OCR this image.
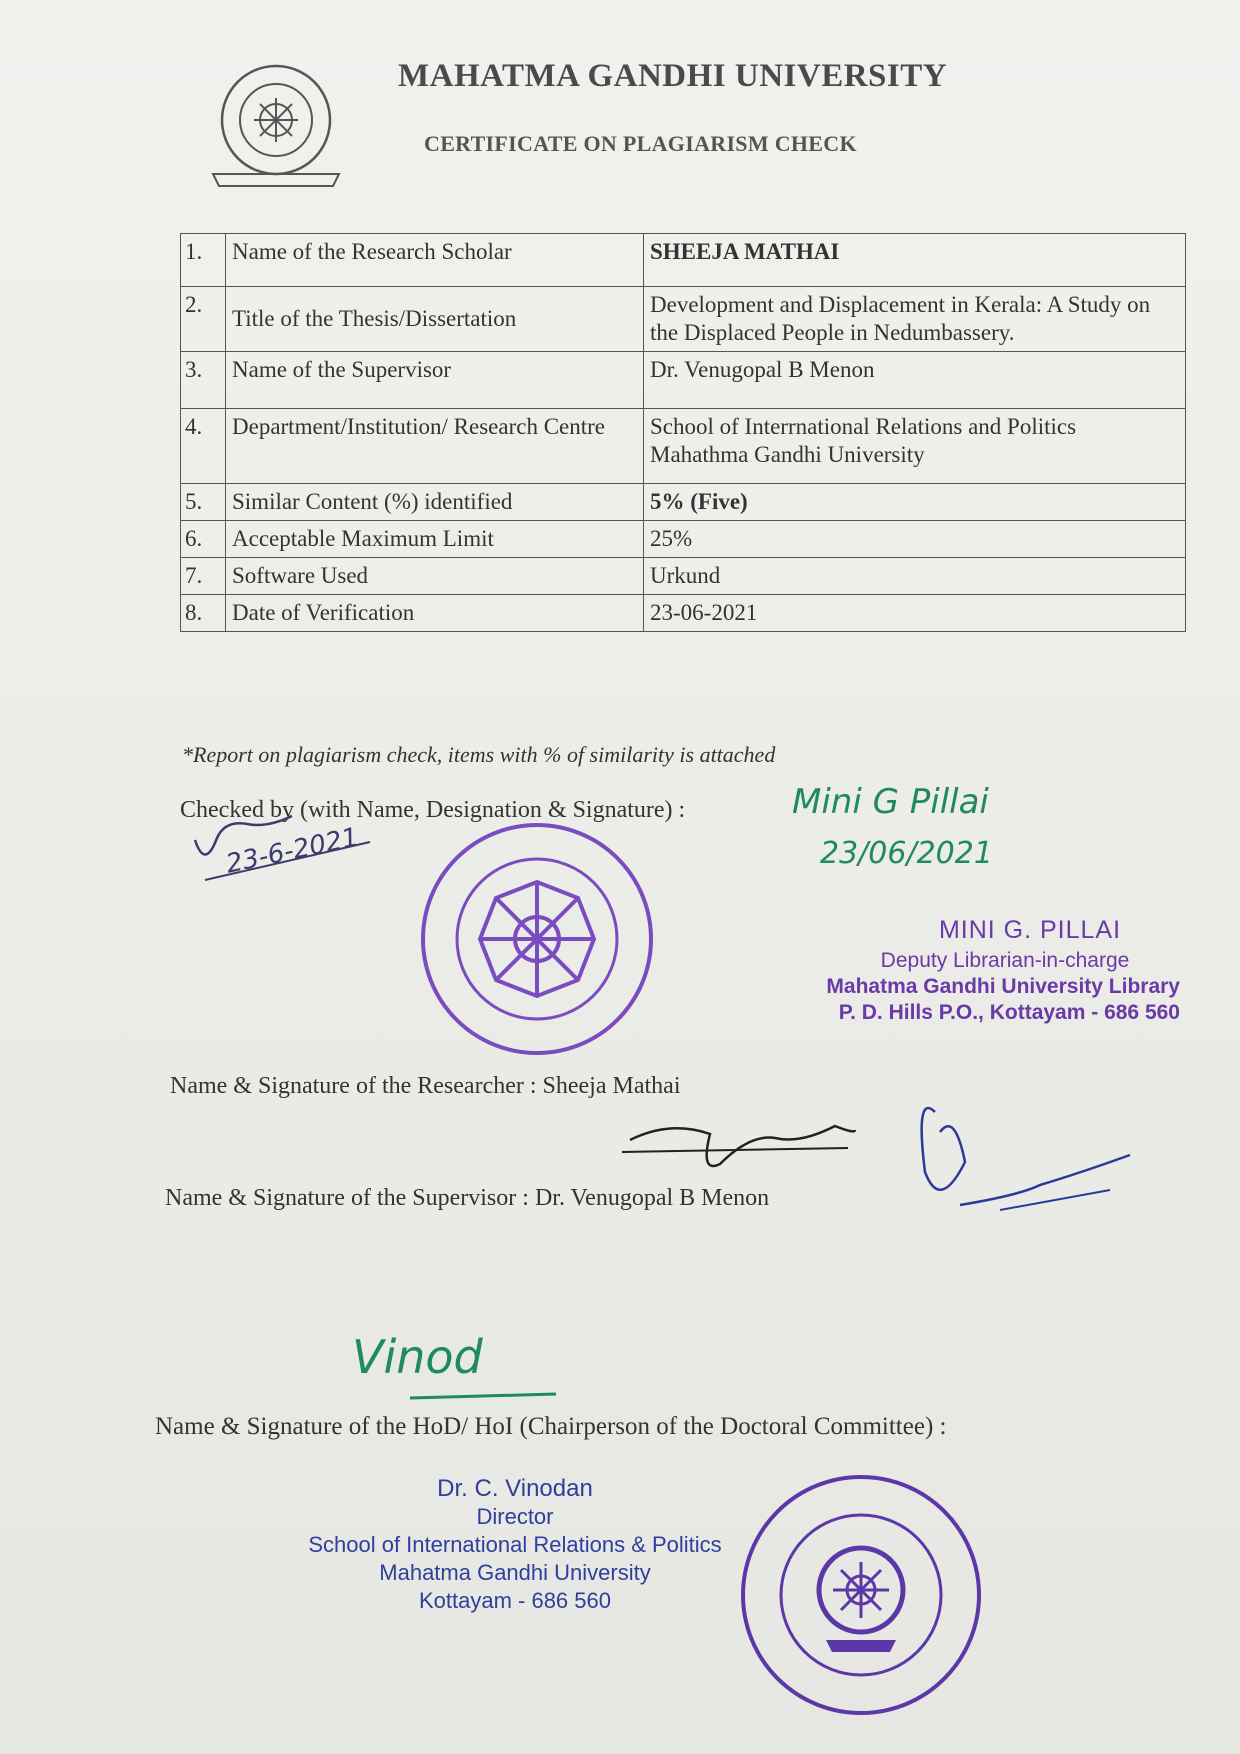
MAHATMA GANDHI UNIVERSITY
CERTIFICATE ON PLAGIARISM CHECK
1.	Name of the Research Scholar	SHEEJA MATHAI
2.	Title of the Thesis/Dissertation	Development and Displacement in Kerala: A Study on the Displaced People in Nedumbassery.
3.	Name of the Supervisor	Dr. Venugopal B Menon
4.	Department/Institution/ Research Centre	School of Interrnational Relations and Politics Mahathma Gandhi University
5.	Similar Content (%) identified	5% (Five)
6.	Acceptable Maximum Limit	25%
7.	Software Used	Urkund
8.	Date of Verification	23-06-2021
*Report on plagiarism check, items with % of similarity is attached
Checked by (with Name, Designation & Signature) :
23-6-2021
Mini G Pillai
23/06/2021
MINI G. PILLAI
Deputy Librarian-in-charge
Mahatma Gandhi University Library
P. D. Hills P.O., Kottayam - 686 560
Name & Signature of the Researcher : Sheeja Mathai
Name & Signature of the Supervisor : Dr. Venugopal B Menon
Name & Signature of the HoD/ HoI (Chairperson of the Doctoral Committee) :
Vinod
Dr. C. Vinodan
Director
School of International Relations & Politics
Mahatma Gandhi University
Kottayam - 686 560
